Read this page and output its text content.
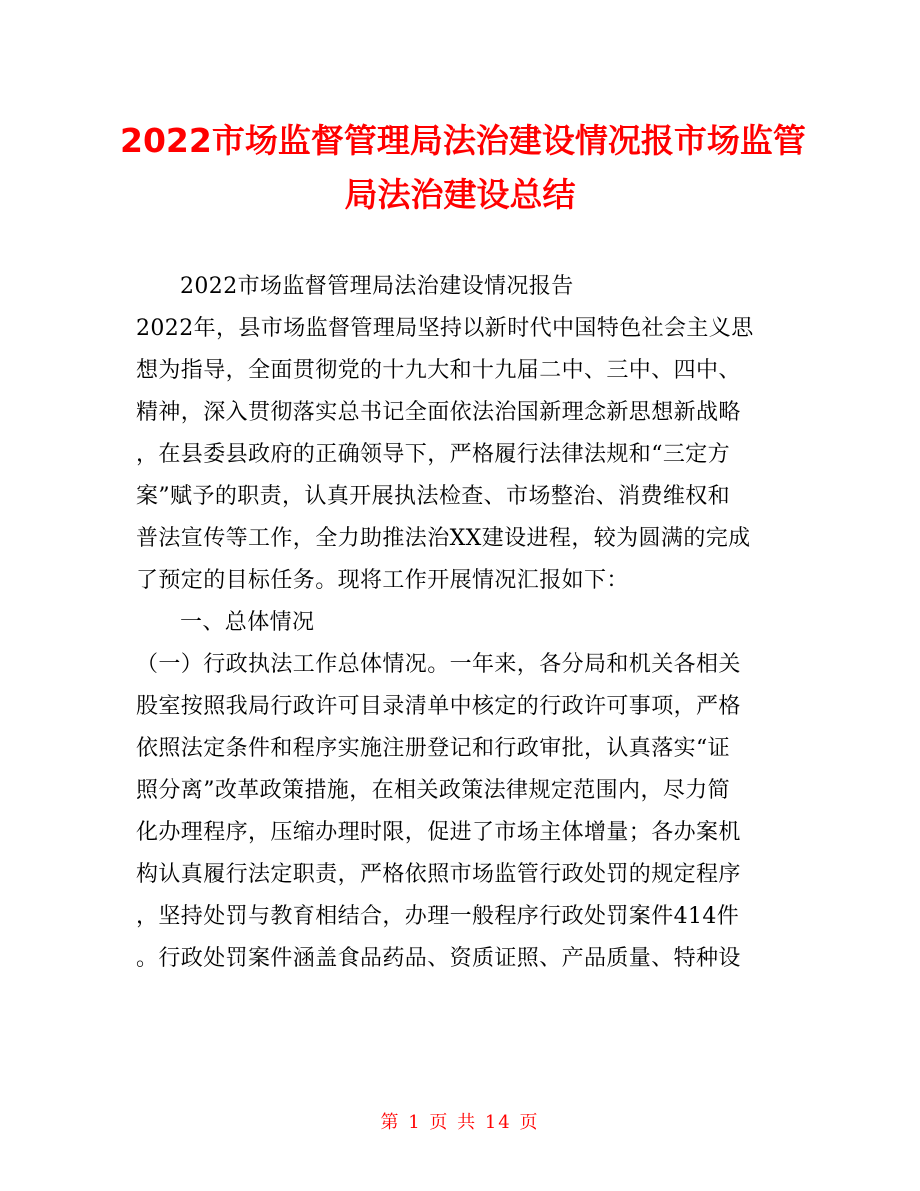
2022市场监督管理局法治建设情况报市场监管
局法治建设总结
2022市场监督管理局法治建设情况报告
2022年，县市场监督管理局坚持以新时代中国特色社会主义思
想为指导，全面贯彻党的十九大和十九届二中、三中、四中、
精神，深入贯彻落实总书记全面依法治国新理念新思想新战略
，在县委县政府的正确领导下，严格履行法律法规和“三定方
案”赋予的职责，认真开展执法检查、市场整治、消费维权和
普法宣传等工作，全力助推法治XX建设进程，较为圆满的完成
了预定的目标任务。现将工作开展情况汇报如下：
一、总体情况
（一）行政执法工作总体情况。一年来，各分局和机关各相关
股室按照我局行政许可目录清单中核定的行政许可事项，严格
依照法定条件和程序实施注册登记和行政审批，认真落实“证
照分离”改革政策措施，在相关政策法律规定范围内，尽力简
化办理程序，压缩办理时限，促进了市场主体增量；各办案机
构认真履行法定职责，严格依照市场监管行政处罚的规定程序
，坚持处罚与教育相结合，办理一般程序行政处罚案件414件
。行政处罚案件涵盖食品药品、资质证照、产品质量、特种设
第 1 页 共 14 页
